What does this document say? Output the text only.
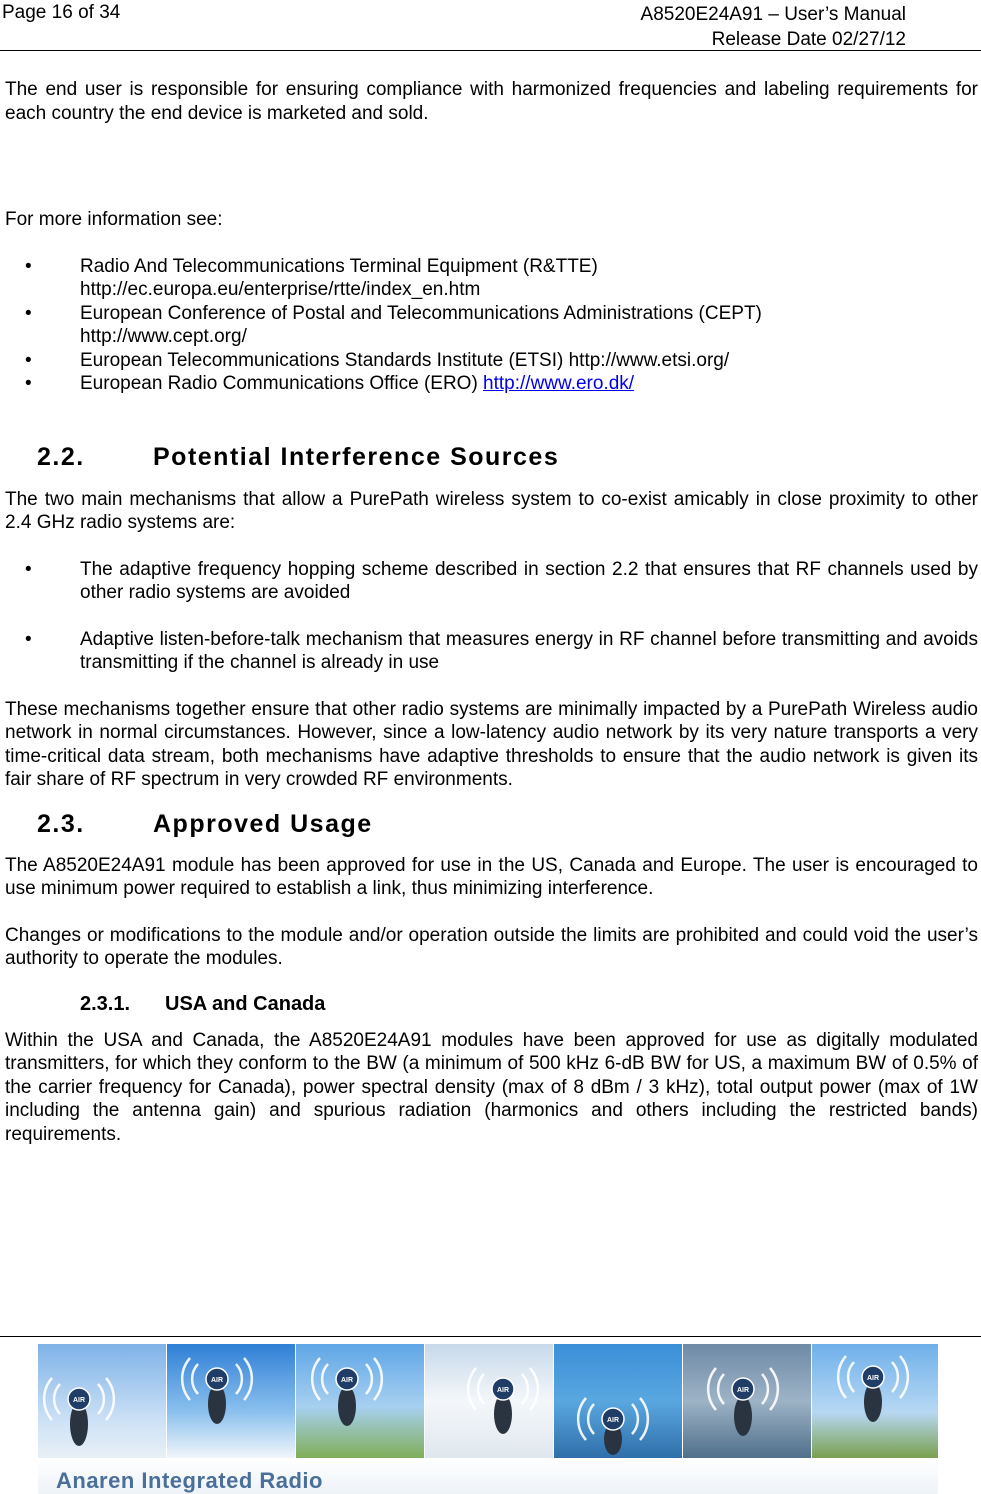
Page 16 of 34	A8520E24A91 – User’s Manual
Release Date 02/27/12

The end user is responsible for ensuring compliance with harmonized frequencies and labeling requirements for each country the end device is marketed and sold.

For more information see:

•	Radio And Telecommunications Terminal Equipment (R&TTE)
http://ec.europa.eu/enterprise/rtte/index_en.htm
•	European Conference of Postal and Telecommunications Administrations (CEPT)
http://www.cept.org/
•	European Telecommunications Standards Institute (ETSI) http://www.etsi.org/
•	European Radio Communications Office (ERO) http://www.ero.dk/
2.2.	Potential Interference Sources

The two main mechanisms that allow a PurePath wireless system to co-exist amicably in close proximity to other 2.4 GHz radio systems are:

•	The adaptive frequency hopping scheme described in section 2.2 that ensures that RF channels used by other radio systems are avoided
•	Adaptive listen-before-talk mechanism that measures energy in RF channel before transmitting and avoids transmitting if the channel is already in use

These mechanisms together ensure that other radio systems are minimally impacted by a PurePath Wireless audio network in normal circumstances. However, since a low-latency audio network by its very nature transports a very time-critical data stream, both mechanisms have adaptive thresholds to ensure that the audio network is given its fair share of RF spectrum in very crowded RF environments.

2.3.	Approved Usage

The A8520E24A91 module has been approved for use in the US, Canada and Europe. The user is encouraged to use minimum power required to establish a link, thus minimizing interference.

Changes or modifications to the module and/or operation outside the limits are prohibited and could void the user’s authority to operate the modules.

2.3.1. USA and Canada

Within the USA and Canada, the A8520E24A91 modules have been approved for use as digitally modulated transmitters, for which they conform to the BW (a minimum of 500 kHz 6-dB BW for US, a maximum BW of 0.5% of the carrier frequency for Canada), power spectral density (max of 8 dBm / 3 kHz), total output power (max of 1W including the antenna gain) and spurious radiation (harmonics and others including the restricted bands) requirements.

AIR
AIR	AIR
AIR
AIR
AIR
AIR
Anaren Integrated Radio
